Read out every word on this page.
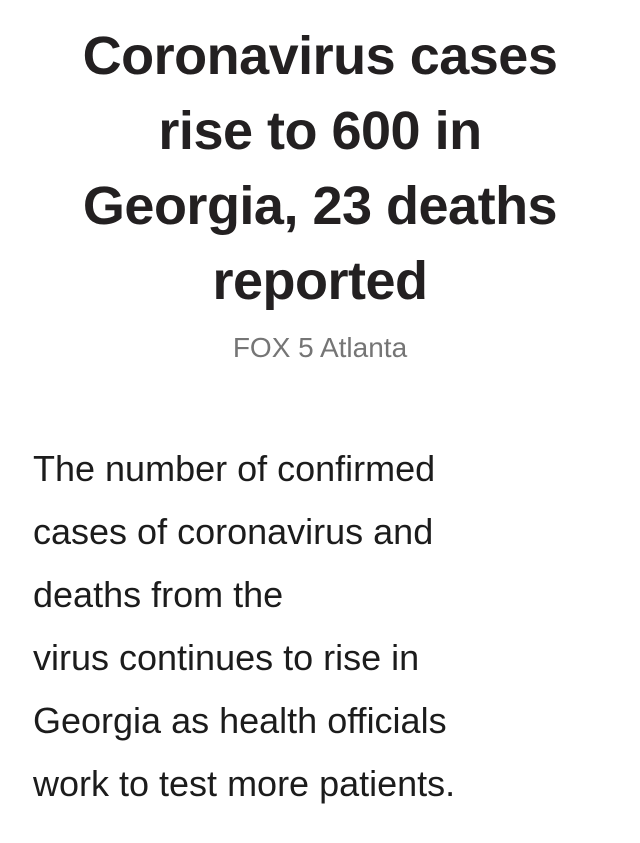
Coronavirus cases
rise to 600 in
Georgia, 23 deaths
reported
FOX 5 Atlanta
The number of confirmed
cases of coronavirus and
deaths from the
virus continues to rise in
Georgia as health officials
work to test more patients.
